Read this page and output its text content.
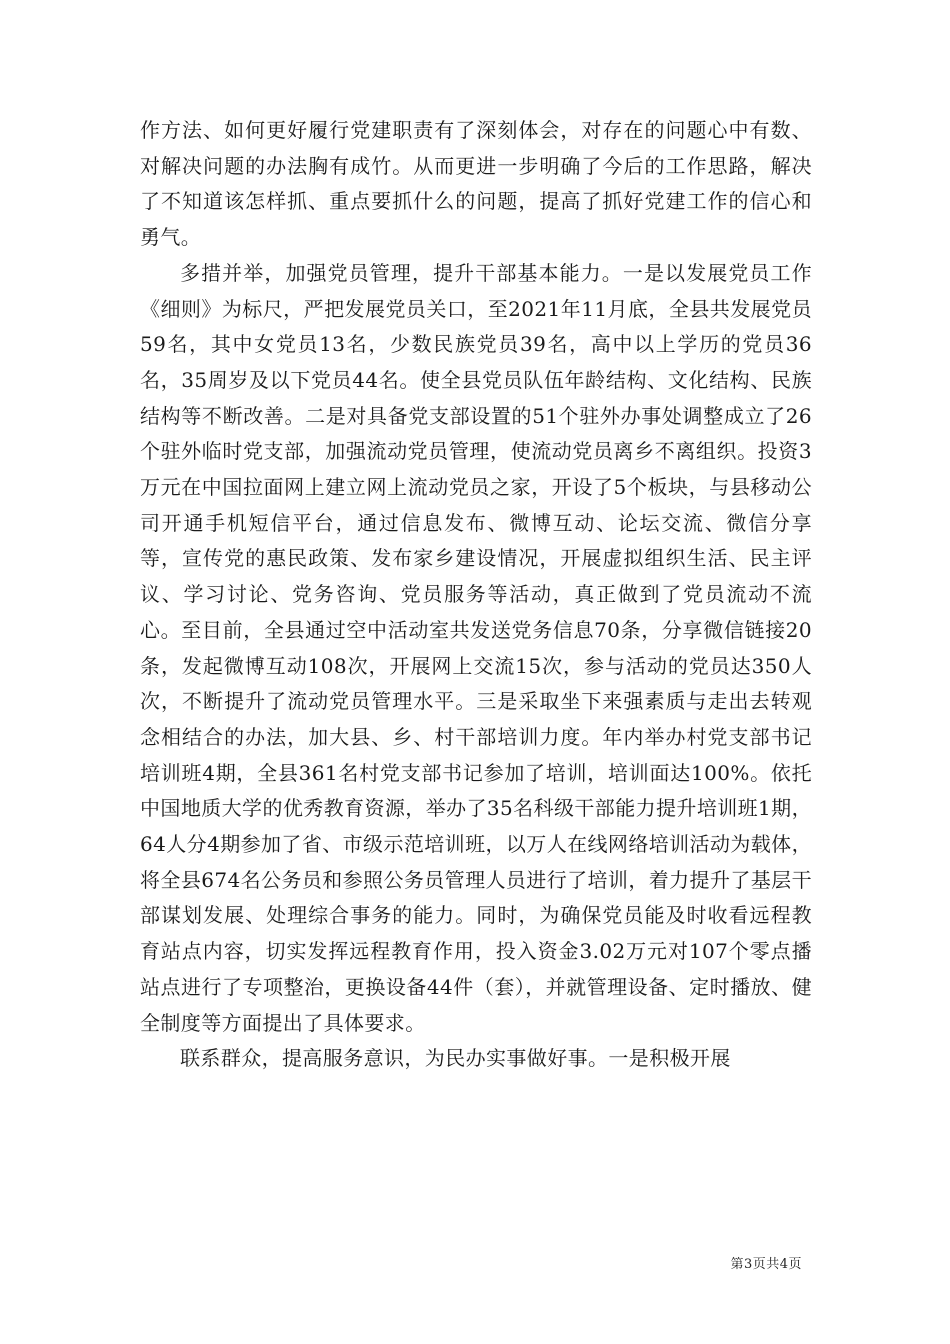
作方法、如何更好履行党建职责有了深刻体会，对存在的问题心中有数、对解决问题的办法胸有成竹。从而更进一步明确了今后的工作思路，解决了不知道该怎样抓、重点要抓什么的问题，提高了抓好党建工作的信心和勇气。

多措并举，加强党员管理，提升干部基本能力。一是以发展党员工作《细则》为标尺，严把发展党员关口，至2021年11月底，全县共发展党员59名，其中女党员13名，少数民族党员39名，高中以上学历的党员36名，35周岁及以下党员44名。使全县党员队伍年龄结构、文化结构、民族结构等不断改善。二是对具备党支部设置的51个驻外办事处调整成立了26个驻外临时党支部，加强流动党员管理，使流动党员离乡不离组织。投资3万元在中国拉面网上建立网上流动党员之家，开设了5个板块，与县移动公司开通手机短信平台，通过信息发布、微博互动、论坛交流、微信分享等，宣传党的惠民政策、发布家乡建设情况，开展虚拟组织生活、民主评议、学习讨论、党务咨询、党员服务等活动，真正做到了党员流动不流心。至目前，全县通过空中活动室共发送党务信息70条，分享微信链接20条，发起微博互动108次，开展网上交流15次，参与活动的党员达350人次，不断提升了流动党员管理水平。三是采取坐下来强素质与走出去转观念相结合的办法，加大县、乡、村干部培训力度。年内举办村党支部书记培训班4期，全县361名村党支部书记参加了培训，培训面达100%。依托中国地质大学的优秀教育资源，举办了35名科级干部能力提升培训班1期，64人分4期参加了省、市级示范培训班，以万人在线网络培训活动为载体，将全县674名公务员和参照公务员管理人员进行了培训，着力提升了基层干部谋划发展、处理综合事务的能力。同时，为确保党员能及时收看远程教育站点内容，切实发挥远程教育作用，投入资金3.02万元对107个零点播站点进行了专项整治，更换设备44件（套），并就管理设备、定时播放、健全制度等方面提出了具体要求。

联系群众，提高服务意识，为民办实事做好事。一是积极开展

第3页共4页
